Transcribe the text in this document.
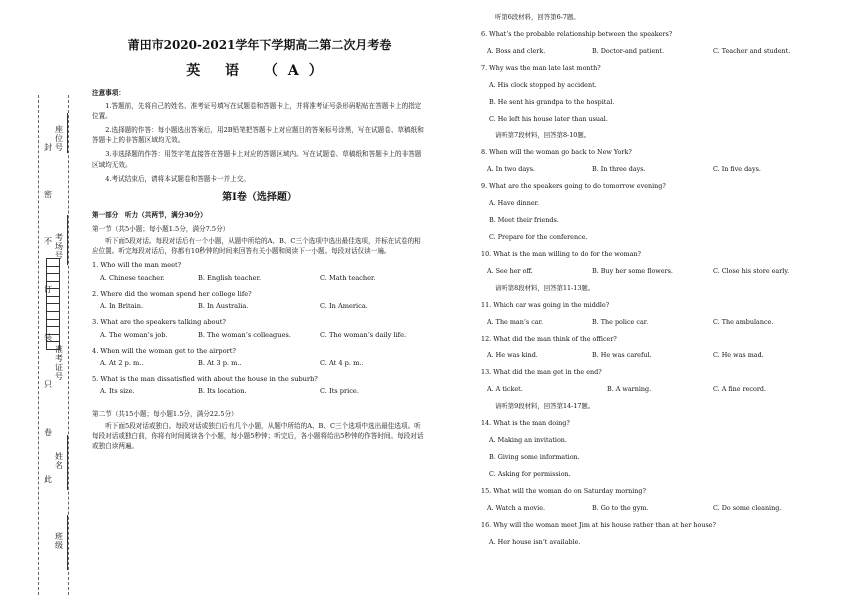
封
座位号
密
不 考场号
订
装
准考证号
只
卷
姓名
此
班级
莆田市2020-2021学年下学期高二第二次月考卷
英 语 （A）
注意事项：
1.答题前，先将自己的姓名、准考证号填写在试题卷和答题卡上，并将准考证号条形码粘贴在答题卡上的指定位置。
2.选择题的作答：每小题选出答案后，用2B铅笔把答题卡上对应题目的答案标号涂黑，写在试题卷、草稿纸和答题卡上的非答题区域均无效。
3.非选择题的作答：用签字笔直接答在答题卡上对应的答题区域内。写在试题卷、草稿纸和答题卡上的非答题区域均无效。
4.考试结束后，请将本试题卷和答题卡一并上交。
第Ⅰ卷（选择题）
第一部分　听力（共两节，满分30分）
第一节（共5小题；每小题1.5分，满分7.5分）
听下面5段对话。每段对话后有一个小题，从题中所给的A、B、C三个选项中选出最佳选项，并标在试卷的相应位置。听完每段对话后，你都有10秒钟的时间来回答有关小题和阅读下一小题。每段对话仅读一遍。
1. Who will the man meet?
A. Chinese teacher.	B. English teacher.	C. Math teacher.
2. Where did the woman spend her college life?
A. In Britain.	B. In Australia.	C. In America.
3. What are the speakers talking about?
A. The woman’s job.	B. The woman’s colleagues.	C. The woman’s daily life.
4. When will the woman get to the airport?
A. At 2 p. m..	B. At 3 p. m..	C. At 4 p. m..
5. What is the man dissatisfied with about the house in the suburb?
A. Its size.	B. Its location.	C. Its price.
第二节（共15小题；每小题1.5分，满分22.5分）
听下面5段对话或独白。每段对话或独白后有几个小题，从题中所给的A、B、C三个选项中选出最佳选项。听每段对话或独白前，你将有时间阅读各个小题，每小题5秒钟；听完后，各小题将给出5秒钟的作答时间。每段对话或独白读两遍。
听第6段材料，回答第6-7题。
6. What’s the probable relationship between the speakers?
A. Boss and clerk.	B. Doctor-and patient.	C. Teacher and student.
7. Why was the man late last month?
A. His clock stopped by accident.
B. He sent his grandpa to the hospital.
C. He left his house later than usual.
请听第7段材料，回答第8-10题。
8. When will the woman go back to New York?
A. In two days.	B. In three days.	C. In five days.
9. What are the speakers going to do tomorrow evening?
A. Have dinner.
B. Meet their friends.
C. Prepare for the conference.
10. What is the man willing to do for the woman?
A. See her off.	B. Buy her some flowers.	C. Close his store early.
请听第8段材料，回答第11-13题。
11. Which car was going in the middle?
A. The man’s car.	B. The police car.	C. The ambulance.
12. What did the man think of the officer?
A. He was kind.	B. He was careful.	C. He was mad.
13. What did the man get in the end?
A. A ticket.	B. A warning.	C. A fine record.
请听第9段材料，回答第14-17题。
14. What is the man doing?
A. Making an invitation.
B. Giving some information.
C. Asking for permission.
15. What will the woman do on Saturday morning?
A. Watch a movie.	B. Go to the gym.	C. Do some cleaning.
16. Why will the woman meet Jim at his house rather than at her house?
A. Her house isn’t available.
